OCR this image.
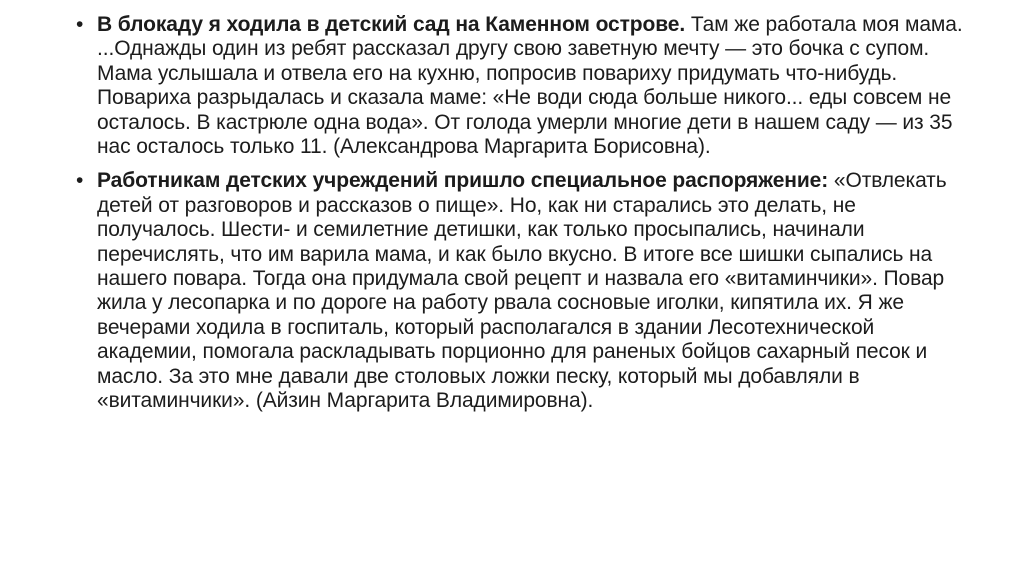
• В блокаду я ходила в детский сад на Каменном острове. Там же работала моя мама. ...Однажды один из ребят рассказал другу свою заветную мечту — это бочка с супом. Мама услышала и отвела его на кухню, попросив повариху придумать что-нибудь. Повариха разрыдалась и сказала маме: «Не води сюда больше никого... еды совсем не осталось. В кастрюле одна вода». От голода умерли многие дети в нашем саду — из 35 нас осталось только 11. (Александрова Маргарита Борисовна).
• Работникам детских учреждений пришло специальное распоряжение: «Отвлекать детей от разговоров и рассказов о пище». Но, как ни старались это делать, не получалось. Шести- и семилетние детишки, как только просыпались, начинали перечислять, что им варила мама, и как было вкусно. В итоге все шишки сыпались на нашего повара. Тогда она придумала свой рецепт и назвала его «витаминчики». Повар жила у лесопарка и по дороге на работу рвала сосновые иголки, кипятила их. Я же вечерами ходила в госпиталь, который располагался в здании Лесотехнической академии, помогала раскладывать порционно для раненых бойцов сахарный песок и масло. За это мне давали две столовых ложки песку, который мы добавляли в «витаминчики». (Айзин Маргарита Владимировна).
